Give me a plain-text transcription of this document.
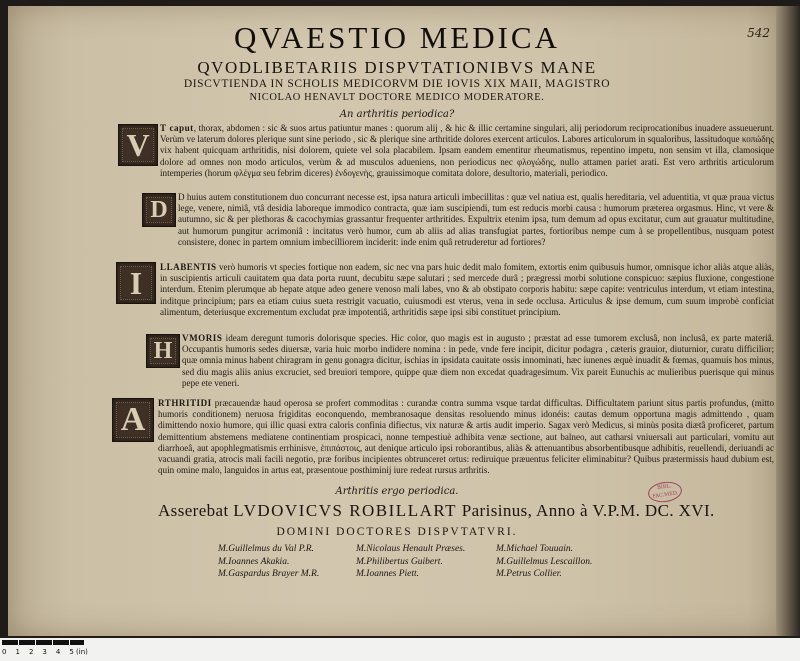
542
QVAESTIO MEDICA
QVODLIBETARIIS DISPVTATIONIBVS MANE
DISCVTIENDA IN SCHOLIS MEDICORVM DIE IOVIS XIX MAII, MAGISTRO
NICOLAO HENAVLT DOCTORE MEDICO MODERATORE.
An arthritis periodica?
V T caput, thorax, abdomen : sic & suos artus patiuntur manes : quorum alij , & hic & illic certamine singulari, alij periodorum reciprocationibus inuadere assueuerunt. Verùm ve laterum dolores plerique sunt sine periodo , sic & plerique sine arthritide dolores exercent articulos. Labores articulorum in squaloribus, lassitudoque κοπώδης vix habent quicquam arthritidis, nisi dolorem, quiete vel sola placabilem. Ipsam eandem ementitur rheumatismus, repentino impetu, non sensim vt illa, clamosique dolore ad omnes non modo articulos, verùm & ad musculos adueniens, non periodicus nec φλογώδης, nullo attamen pariet arati. Est vero arthritis articulorum intemperies (horum φλέγμα seu febrim diceres) ἐνδογενὴς, grauissimoque comitata dolore, desultorio, materiali, periodico.
D D huius autem constitutionem duo concurrant necesse est, ipsa natura articuli imbecillitas : quæ vel natiua est, qualis hereditaria, vel aduentitia, vt quæ praua victus lege, venere, nimiâ, vtâ desidia laboreque immodico contracta, quæ iam suscipiendi, tum est reducis morbi causa : humorum præterea orgasmus. Hinc, vt vere & autumno, sic & per plethoras & cacochymias grassantur frequenter arthritides. Expultrix etenim ipsa, tum demum ad opus excitatur, cum aut grauatur multitudine, aut humorum pungitur acrimoniâ : incitatus verò humor, cum ab aliis ad alias transfugiat partes, fortioribus nempe cum à se propellentibus, nusquam potest consistere, donec in partem omnium imbecilliorem inciderit: inde enim quâ retruderetur ad fortiores?
I LLABENTIS verò humoris vt species fortique non eadem, sic nec vna pars huic dedit malo fomitem, extortis enim quibusuis humor, omnisque ichor aliàs atque aliàs, in suscipientis articuli cauitatem qua data porta ruunt, decubitu sæpe salutari ; sed mercede durâ ; prægressi morbi solutione conspicuo: sæpius fluxione, congestione interdum. Etenim plerumque ab hepate atque adeo genere venoso mali labes, vno & ab obstipato corporis habitu: sæpe capite: ventriculus interdum, vt etiam intestina, inditque principium; pars ea etiam cuius sueta restrigit vacuatio, cuiusmodi est vterus, vena in sede occlusa. Articulus & ipse demum, cum suum improbè conficiat alimentum, deteriusque excrementum excludat præ impotentiâ, arthritidis sæpe ipsi sibi constituet principium.
H VMORIS ideam deregunt tumoris dolorisque species. Hic color, quo magis est in augusto ; præstat ad esse tumorem exclusâ, non inclusâ, ex parte materiâ. Occupantis humoris sedes diuersæ, varia huic morbo indidere nomina : in pede, vnde fere incipit, dicitur podagra , cæteris grauior, diuturnior, curatu difficilior; quæ omnia minus habent chiragram in genu gonagra dicitur, ischias in ipsidata cauitate ossis innominati, hæc iunenes æquè inuadit & fœmas, quamuis hos minus, sed diu magis aliis anius excruciet, sed breuiori tempore, quippe quæ diem non excedat quadragesimum. Vix pareit Eunuchis ac mulieribus puerisque qui minus pepe ete veneri.
A RTHRITIDI præcauendæ haud operosa se profert commoditas : curandæ contra summa vsque tardat difficultas. Difficultatem pariunt situs partis profundus, (mitto humoris conditionem) neruosa frigiditas eoconquendo, membranosaque densitas resoluendo minus idonéis: cautas demum opportuna magis admittendo , quam dimittendo noxio humore, qui illic quasi extra caloris confinia difiectus, vix naturæ & artis audit imperio. Sagax verò Medicus, si minùs posita diætâ proficeret, partum demittentium abstemens mediatene continentiam prospicaci, nonne tempestiuè adhibita venæ sectione, aut balneo, aut catharsi vniuersali aut particulari, vomitu aut diarrhoeâ, aut apophlegmatismis errhinisve, ἐπιπάστοις, aut denique articulo ipsi roborantibus, aliàs & attenuantibus absorbentibusque adhibitis, reuellendi, deriuandi ac vacuandi gratia, atrocis mali facili negotio, præ foribus incipientes obtrunceret ortus: rediruique præuentus feliciter eliminabitur? Quibus prætermissis haud dubium est, quin omine malo, languidos in artus eat, præsentoue posthiminij iure redeat rursus arthritis.
Arthritis ergo periodica.	BIBL.
FAC.MED.
Asserebat LVDOVICVS ROBILLART Parisinus, Anno à V.P.M. DC. XVI.
DOMINI DOCTORES DISPVTATVRI.
M.Guillelmus du Val P.R.
M.Ioannes Akakia.
M.Gaspardus Brayer M.R.
M.Nicolaus Henault Præses.
M.Philibertus Guibert.
M.Ioannes Piett.
M.Michael Touuain.
M.Guillelmus Lescaillon.
M.Petrus Collier.
0 1 2 3 4 5 (in)
